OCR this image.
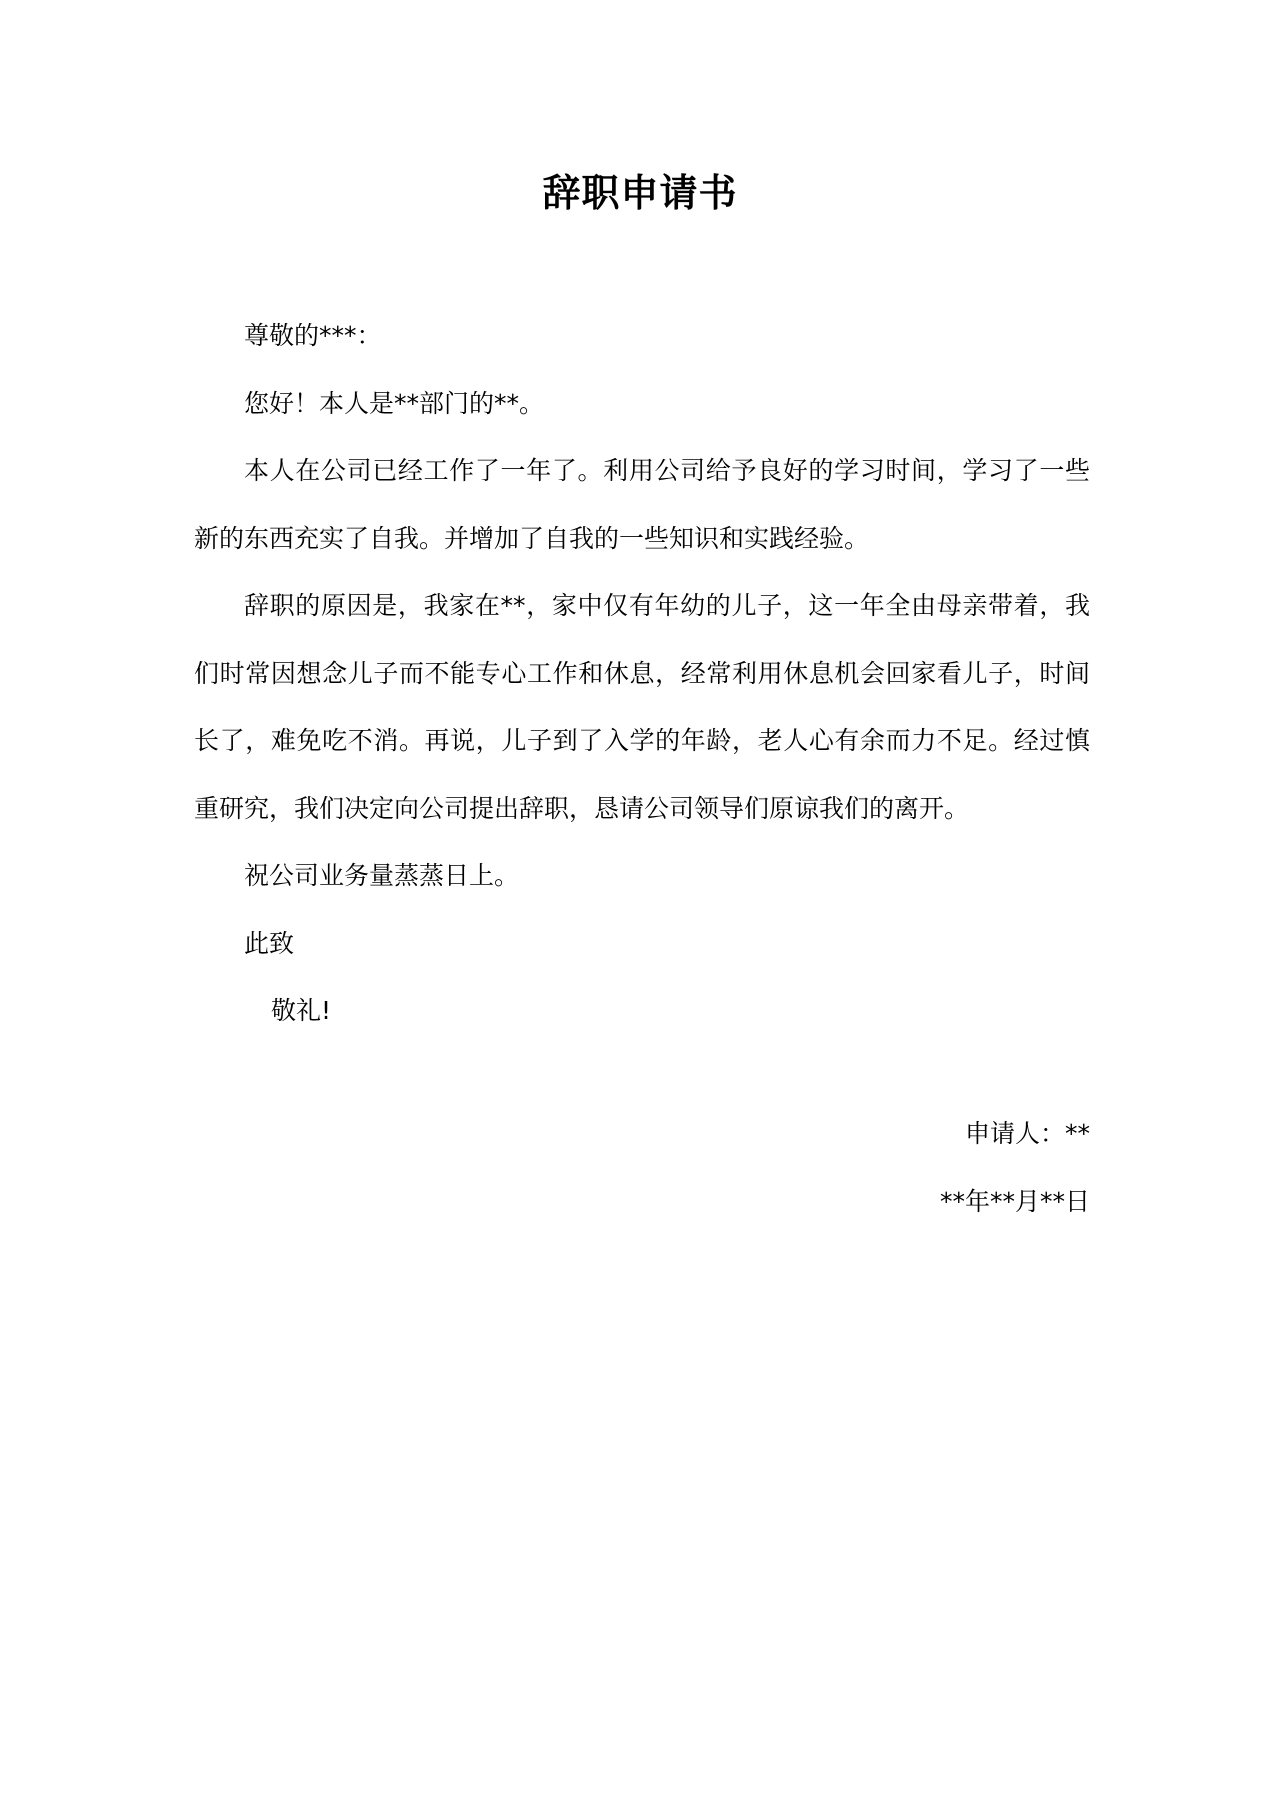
辞职申请书

尊敬的***：

您好！本人是**部门的**。

本人在公司已经工作了一年了。利用公司给予良好的学习时间，学习了一些新的东西充实了自我。并增加了自我的一些知识和实践经验。

辞职的原因是，我家在**，家中仅有年幼的儿子，这一年全由母亲带着，我们时常因想念儿子而不能专心工作和休息，经常利用休息机会回家看儿子，时间长了，难免吃不消。再说，儿子到了入学的年龄，老人心有余而力不足。经过慎重研究，我们决定向公司提出辞职，恳请公司领导们原谅我们的离开。

祝公司业务量蒸蒸日上。

此致

敬礼!

申请人：**
**年**月**日
